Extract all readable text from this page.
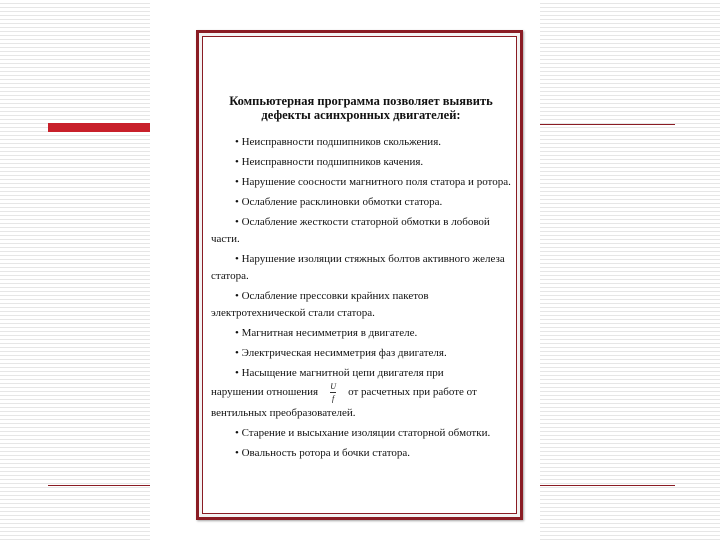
Компьютерная программа позволяет выявить дефекты асинхронных двигателей:

• Неисправности подшипников скольжения.
• Неисправности подшипников качения.
• Нарушение соосности магнитного поля статора и ротора.
• Ослабление расклиновки обмотки статора.
• Ослабление жесткости статорной обмотки в лобовой части.
• Нарушение изоляции стяжных болтов активного железа статора.
• Ослабление прессовки крайних пакетов электротехнической стали статора.
• Магнитная несимметрия в двигателе.
• Электрическая несимметрия фаз двигателя.
• Насыщение магнитной цепи двигателя при
нарушении отношения $\frac{U}{f}$ от расчетных при работе от
вентильных преобразователей.
• Старение и высыхание изоляции статорной обмотки.
• Овальность ротора и бочки статора.
